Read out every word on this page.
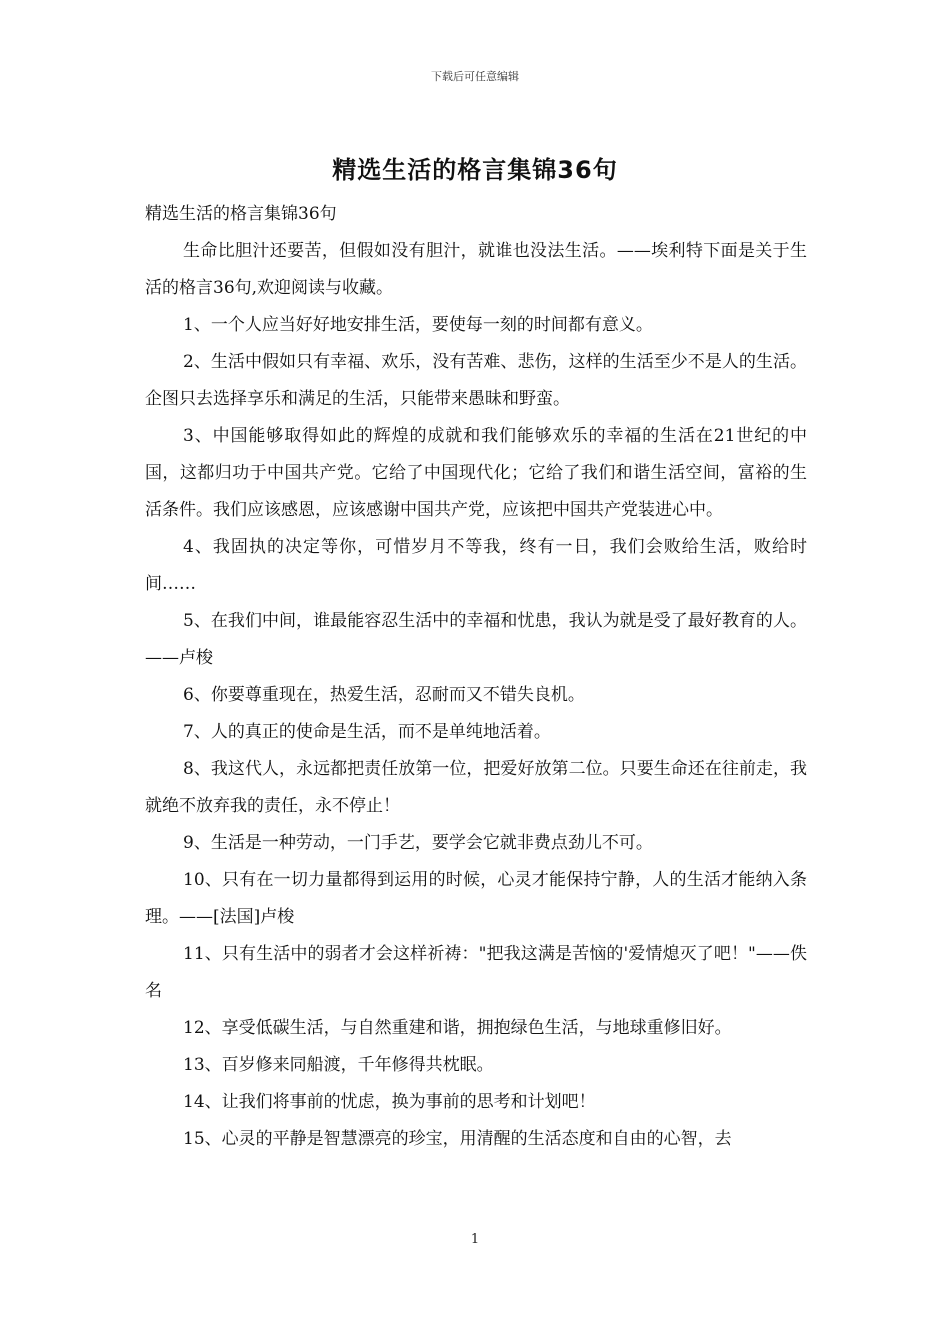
下载后可任意编辑
精选生活的格言集锦36句

精选生活的格言集锦36句

生命比胆汁还要苦，但假如没有胆汁，就谁也没法生活。——埃利特下面是关于生活的格言36句,欢迎阅读与收藏。

1、一个人应当好好地安排生活，要使每一刻的时间都有意义。

2、生活中假如只有幸福、欢乐，没有苦难、悲伤，这样的生活至少不是人的生活。企图只去选择享乐和满足的生活，只能带来愚昧和野蛮。

3、中国能够取得如此的辉煌的成就和我们能够欢乐的幸福的生活在21世纪的中国，这都归功于中国共产党。它给了中国现代化；它给了我们和谐生活空间，富裕的生活条件。我们应该感恩，应该感谢中国共产党，应该把中国共产党装进心中。

4、我固执的决定等你，可惜岁月不等我，终有一日，我们会败给生活，败给时间……

5、在我们中间，谁最能容忍生活中的幸福和忧患，我认为就是受了最好教育的人。——卢梭

6、你要尊重现在，热爱生活，忍耐而又不错失良机。

7、人的真正的使命是生活，而不是单纯地活着。

8、我这代人，永远都把责任放第一位，把爱好放第二位。只要生命还在往前走，我就绝不放弃我的责任，永不停止！

9、生活是一种劳动，一门手艺，要学会它就非费点劲儿不可。

10、只有在一切力量都得到运用的时候，心灵才能保持宁静，人的生活才能纳入条理。——[法国]卢梭

11、只有生活中的弱者才会这样祈祷："把我这满是苦恼的'爱情熄灭了吧！"——佚名

12、享受低碳生活，与自然重建和谐，拥抱绿色生活，与地球重修旧好。

13、百岁修来同船渡，千年修得共枕眠。

14、让我们将事前的忧虑，换为事前的思考和计划吧！

15、心灵的平静是智慧漂亮的珍宝，用清醒的生活态度和自由的心智，去

1
